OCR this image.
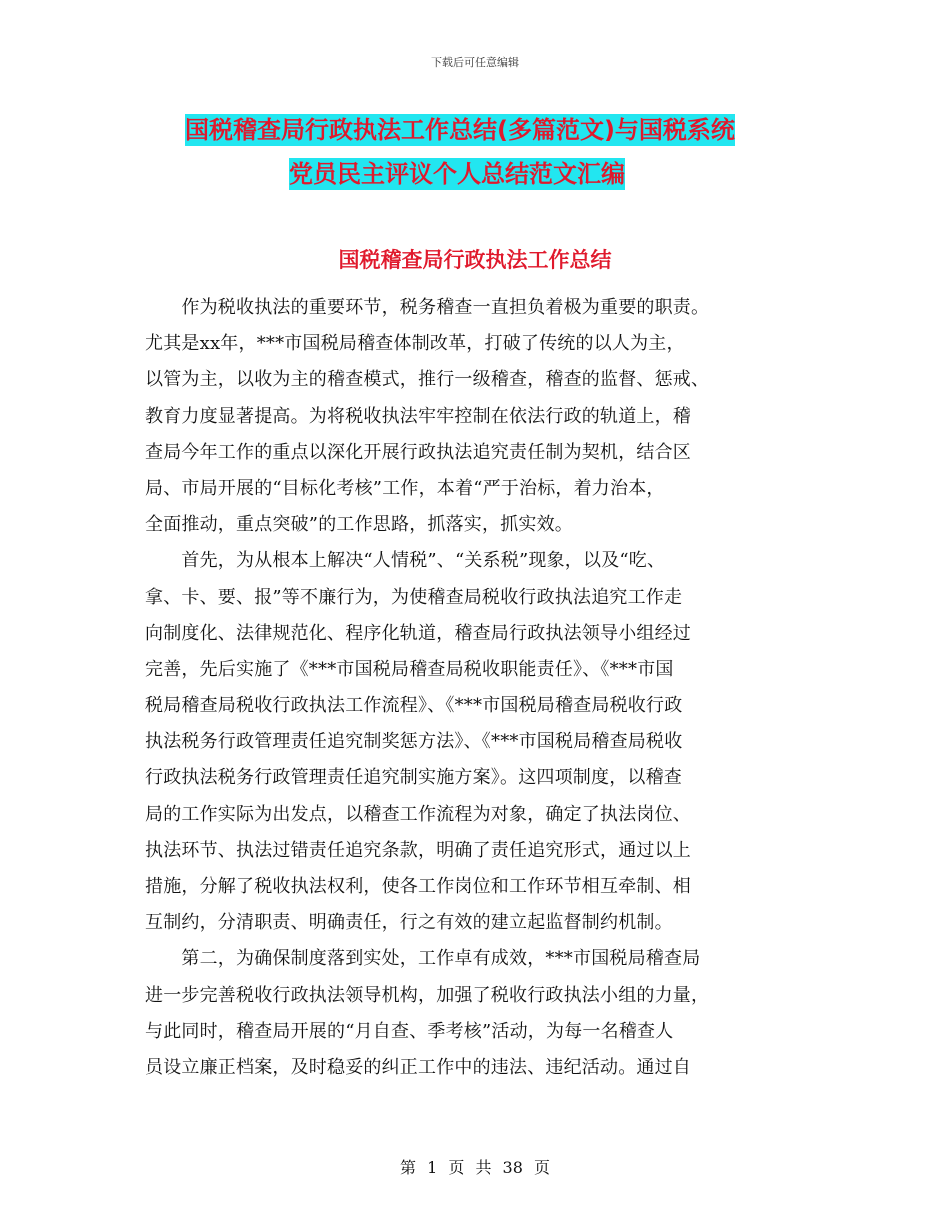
下载后可任意编辑
国税稽查局行政执法工作总结(多篇范文)与国税系统
党员民主评议个人总结范文汇编
国税稽查局行政执法工作总结
　　作为税收执法的重要环节，税务稽查一直担负着极为重要的职责。
尤其是xx年，***市国税局稽查体制改革，打破了传统的以人为主，
以管为主，以收为主的稽查模式，推行一级稽查，稽查的监督、惩戒、
教育力度显著提高。为将税收执法牢牢控制在依法行政的轨道上，稽
查局今年工作的重点以深化开展行政执法追究责任制为契机，结合区
局、市局开展的“目标化考核”工作，本着“严于治标，着力治本，
全面推动，重点突破”的工作思路，抓落实，抓实效。
　　首先，为从根本上解决“人情税”、“关系税”现象，以及“吃、
拿、卡、要、报”等不廉行为，为使稽查局税收行政执法追究工作走
向制度化、法律规范化、程序化轨道，稽查局行政执法领导小组经过
完善，先后实施了《***市国税局稽查局税收职能责任》、《***市国
税局稽查局税收行政执法工作流程》、《***市国税局稽查局税收行政
执法税务行政管理责任追究制奖惩方法》、《***市国税局稽查局税收
行政执法税务行政管理责任追究制实施方案》。这四项制度，以稽查
局的工作实际为出发点，以稽查工作流程为对象，确定了执法岗位、
执法环节、执法过错责任追究条款，明确了责任追究形式，通过以上
措施，分解了税收执法权利，使各工作岗位和工作环节相互牵制、相
互制约，分清职责、明确责任，行之有效的建立起监督制约机制。
　　第二，为确保制度落到实处，工作卓有成效，***市国税局稽查局
进一步完善税收行政执法领导机构，加强了税收行政执法小组的力量，
与此同时，稽查局开展的“月自查、季考核”活动，为每一名稽查人
员设立廉正档案，及时稳妥的纠正工作中的违法、违纪活动。通过自
第 1 页 共 38 页
